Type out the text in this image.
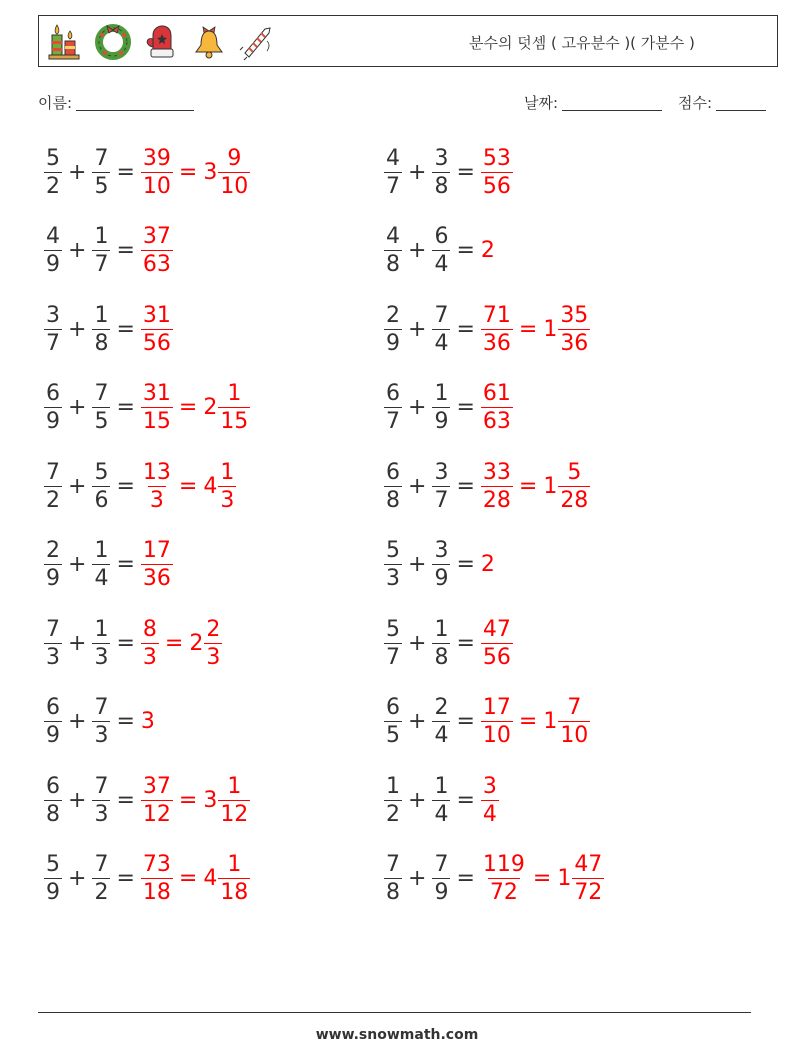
분수의 덧셈 ( 고유분수 )( 가분수 )
이름:	날짜:	점수:
$\frac{5}{2} + \frac{7}{5} = \frac{39}{10} = 3 \frac{9}{10}$	$\frac{4}{7} + \frac{3}{8} = \frac{53}{56}$
$\frac{4}{9} + \frac{1}{7} = \frac{37}{63}$	$\frac{4}{8} + \frac{6}{4} = 2$
$\frac{3}{7} + \frac{1}{8} = \frac{31}{56}$	$\frac{2}{9} + \frac{7}{4} = \frac{71}{36} = 1 \frac{35}{36}$
$\frac{6}{9} + \frac{7}{5} = \frac{31}{15} = 2 \frac{1}{15}$	$\frac{6}{7} + \frac{1}{9} = \frac{61}{63}$
$\frac{7}{2} + \frac{5}{6} = \frac{13}{3} = 4 \frac{1}{3}$	$\frac{6}{8} + \frac{3}{7} = \frac{33}{28} = 1 \frac{5}{28}$
$\frac{2}{9} + \frac{1}{4} = \frac{17}{36}$	$\frac{5}{3} + \frac{3}{9} = 2$
$\frac{7}{3} + \frac{1}{3} = \frac{8}{3} = 2 \frac{2}{3}$	$\frac{5}{7} + \frac{1}{8} = \frac{47}{56}$
$\frac{6}{9} + \frac{7}{3} = 3$	$\frac{6}{5} + \frac{2}{4} = \frac{17}{10} = 1 \frac{7}{10}$
$\frac{6}{8} + \frac{7}{3} = \frac{37}{12} = 3 \frac{1}{12}$	$\frac{1}{2} + \frac{1}{4} = \frac{3}{4}$
$\frac{5}{9} + \frac{7}{2} = \frac{73}{18} = 4 \frac{1}{18}$	$\frac{7}{8} + \frac{7}{9} = \frac{119}{72} = 1 \frac{47}{72}$
www.snowmath.com
